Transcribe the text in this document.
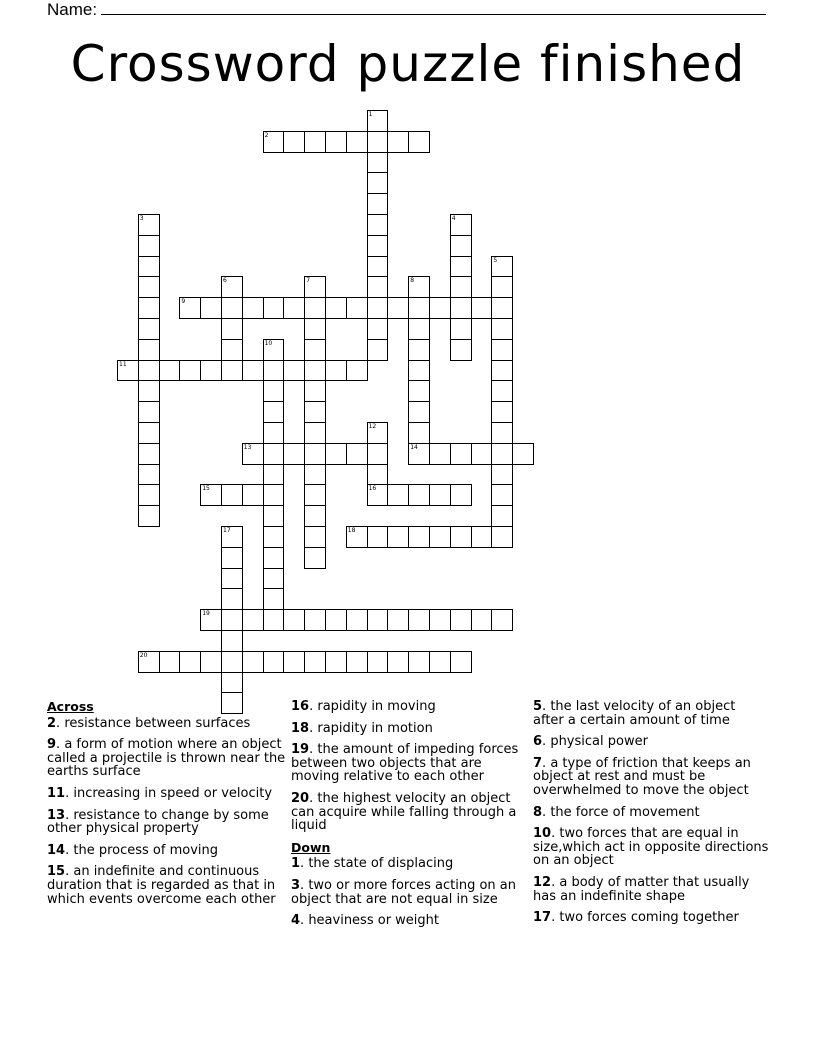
Name:
Crossword puzzle finished
2
9
11
13	14
15	16
18
19
20
1
3	4
5
6	7	8
10
12
17
Across
2. resistance between surfaces
9. a form of motion where an object called a projectile is thrown near the earths surface
11. increasing in speed or velocity
13. resistance to change by some other physical property
14. the process of moving
15. an indefinite and continuous duration that is regarded as that in which events overcome each other
16. rapidity in moving
18. rapidity in motion
19. the amount of impeding forces between two objects that are moving relative to each other
20. the highest velocity an object can acquire while falling through a liquid
Down
1. the state of displacing
3. two or more forces acting on an object that are not equal in size
4. heaviness or weight
5. the last velocity of an object after a certain amount of time
6. physical power
7. a type of friction that keeps an object at rest and must be overwhelmed to move the object
8. the force of movement
10. two forces that are equal in size,which act in opposite directions on an object
12. a body of matter that usually has an indefinite shape
17. two forces coming together
